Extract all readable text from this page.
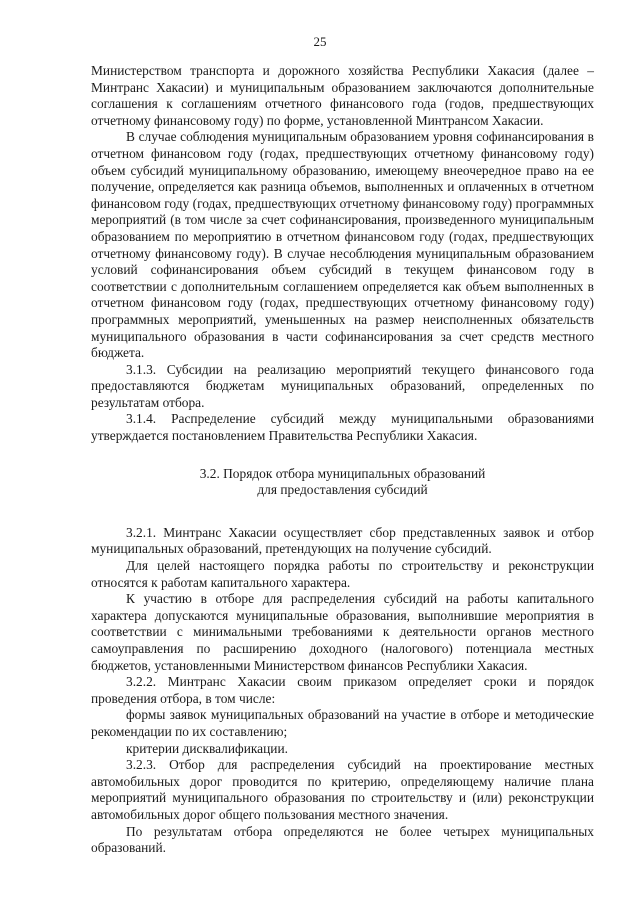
25

Министерством транспорта и дорожного хозяйства Республики Хакасия (далее – Минтранс Хакасии) и муниципальным образованием заключаются дополнительные соглашения к соглашениям отчетного финансового года (годов, предшествующих отчетному финансовому году) по форме, установленной Минтрансом Хакасии.

В случае соблюдения муниципальным образованием уровня софинансирования в отчетном финансовом году (годах, предшествующих отчетному финансовому году) объем субсидий муниципальному образованию, имеющему внеочередное право на ее получение, определяется как разница объемов, выполненных и оплаченных в отчетном финансовом году (годах, предшествующих отчетному финансовому году) программных мероприятий (в том числе за счет софинансирования, произведенного муниципальным образованием по мероприятию в отчетном финансовом году (годах, предшествующих отчетному финансовому году). В случае несоблюдения муниципальным образованием условий софинансирования объем субсидий в текущем финансовом году в соответствии с дополнительным соглашением определяется как объем выполненных в отчетном финансовом году (годах, предшествующих отчетному финансовому году) программных мероприятий, уменьшенных на размер неисполненных обязательств муниципального образования в части софинансирования за счет средств местного бюджета.

3.1.3. Субсидии на реализацию мероприятий текущего финансового года предоставляются бюджетам муниципальных образований, определенных по результатам отбора.

3.1.4. Распределение субсидий между муниципальными образованиями утверждается постановлением Правительства Республики Хакасия.

3.2. Порядок отбора муниципальных образований
для предоставления субсидий

3.2.1. Минтранс Хакасии осуществляет сбор представленных заявок и отбор муниципальных образований, претендующих на получение субсидий.

Для целей настоящего порядка работы по строительству и реконструкции относятся к работам капитального характера.

К участию в отборе для распределения субсидий на работы капитального характера допускаются муниципальные образования, выполнившие мероприятия в соответствии с минимальными требованиями к деятельности органов местного самоуправления по расширению доходного (налогового) потенциала местных бюджетов, установленными Министерством финансов Республики Хакасия.

3.2.2. Минтранс Хакасии своим приказом определяет сроки и порядок проведения отбора, в том числе:

формы заявок муниципальных образований на участие в отборе и методические рекомендации по их составлению;

критерии дисквалификации.

3.2.3. Отбор для распределения субсидий на проектирование местных автомобильных дорог проводится по критерию, определяющему наличие плана мероприятий муниципального образования по строительству и (или) реконструкции автомобильных дорог общего пользования местного значения.

По результатам отбора определяются не более четырех муниципальных образований.
